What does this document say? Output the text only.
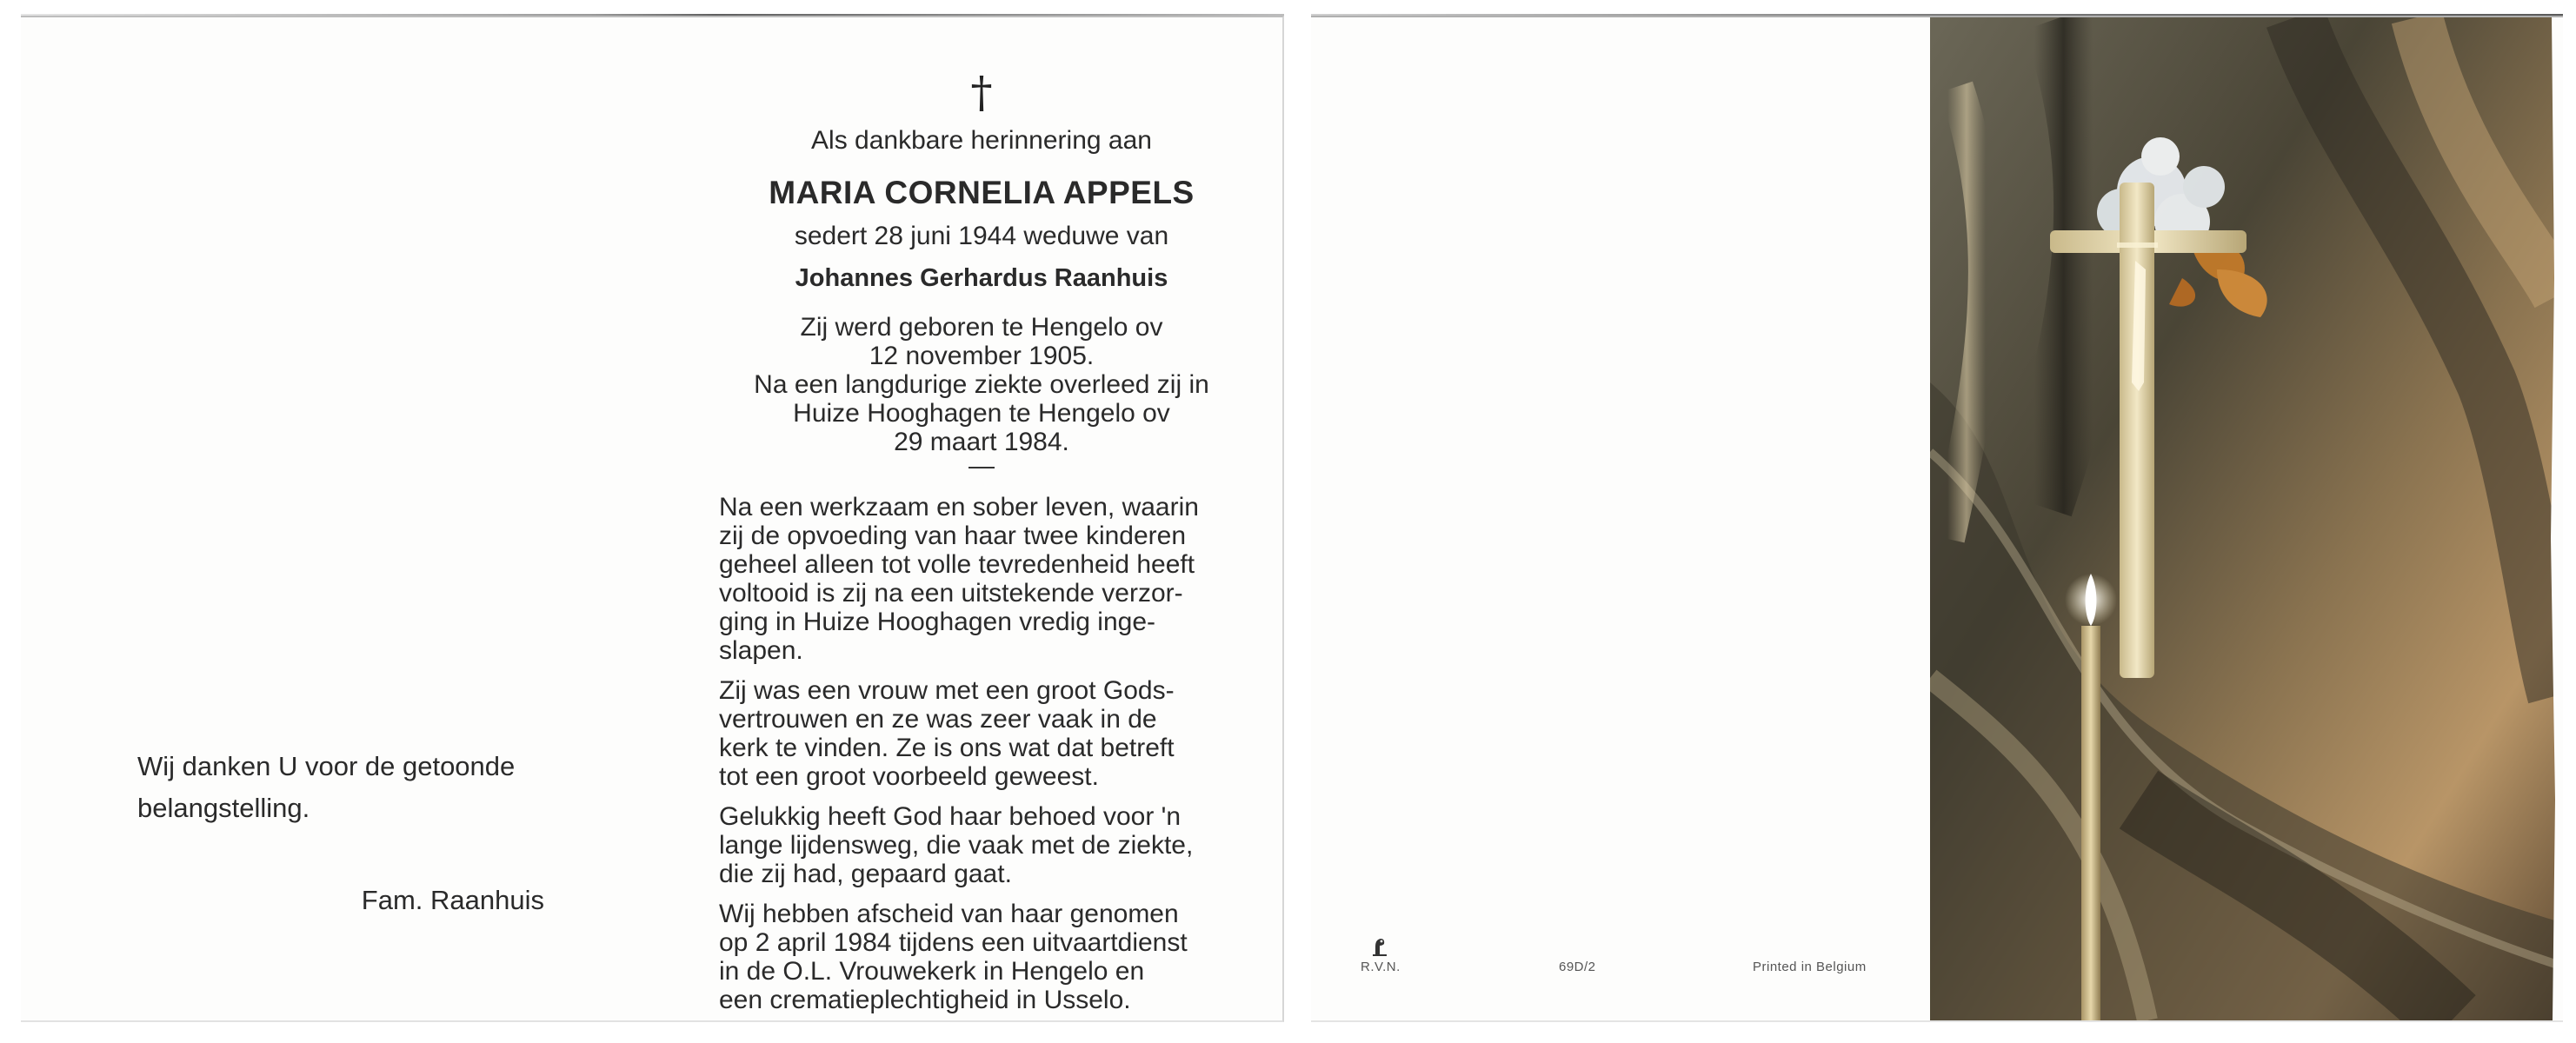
Wij danken U voor de getoonde
belangstelling.
Fam. Raanhuis
†
Als dankbare herinnering aan
MARIA CORNELIA APPELS
sedert 28 juni 1944 weduwe van
Johannes Gerhardus Raanhuis
Zij werd geboren te Hengelo ov
12 november 1905.
Na een langdurige ziekte overleed zij in
Huize Hooghagen te Hengelo ov
29 maart 1984.
Na een werkzaam en sober leven, waarin
zij de opvoeding van haar twee kinderen
geheel alleen tot volle tevredenheid heeft
voltooid is zij na een uitstekende verzor-
ging in Huize Hooghagen vredig inge-
slapen.
Zij was een vrouw met een groot Gods-
vertrouwen en ze was zeer vaak in de
kerk te vinden. Ze is ons wat dat betreft
tot een groot voorbeeld geweest.
Gelukkig heeft God haar behoed voor 'n
lange lijdensweg, die vaak met de ziekte,
die zij had, gepaard gaat.
Wij hebben afscheid van haar genomen
op 2 april 1984 tijdens een uitvaartdienst
in de O.L. Vrouwekerk in Hengelo en
een crematieplechtigheid in Usselo.
R.V.N.	69D/2	Printed in Belgium
